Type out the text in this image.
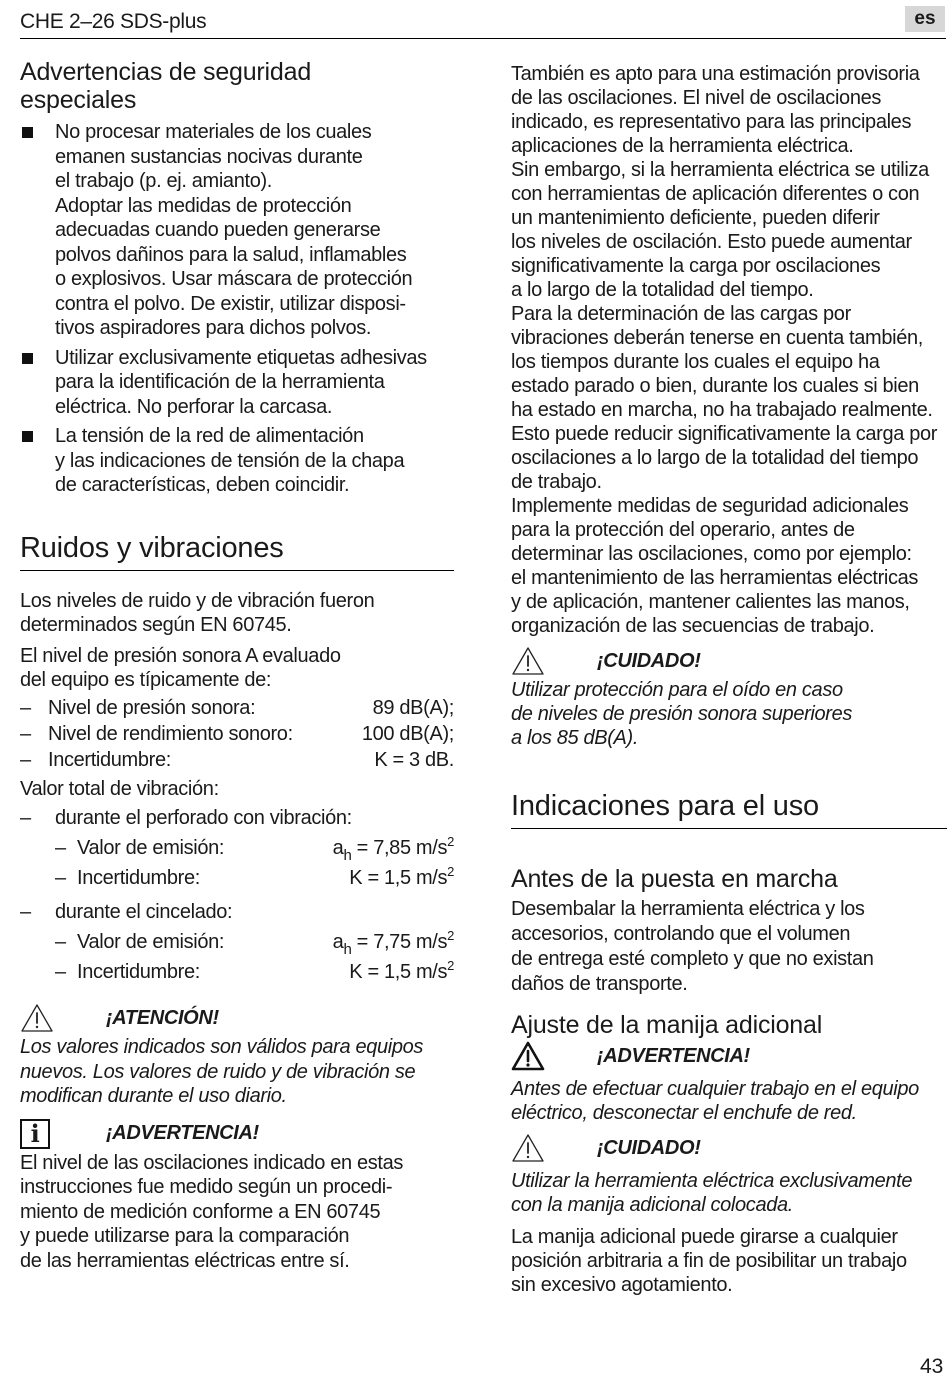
CHE 2–26 SDS-plus	es
Advertencias de seguridad
especiales
No procesar materiales de los cuales
emanen sustancias nocivas durante
el trabajo (p. ej. amianto).
Adoptar las medidas de protección
adecuadas cuando pueden generarse
polvos dañinos para la salud, inflamables
o explosivos. Usar máscara de protección
contra el polvo. De existir, utilizar disposi-
tivos aspiradores para dichos polvos.
Utilizar exclusivamente etiquetas adhesivas
para la identificación de la herramienta
eléctrica. No perforar la carcasa.
La tensión de la red de alimentación
y las indicaciones de tensión de la chapa
de características, deben coincidir.
Ruidos y vibraciones

Los niveles de ruido y de vibración fueron
determinados según EN 60745.

El nivel de presión sonora A evaluado
del equipo es típicamente de:

– Nivel de presión sonora:	89 dB(A);
– Nivel de rendimiento sonoro:	100 dB(A);
– Incertidumbre:	K = 3 dB.

Valor total de vibración:

–	durante el perforado con vibración:
– Valor de emisión:	$a_h = 7,85$ $m/s^2$
– Incertidumbre:	K = 1,5 $m/s^2$
–	durante el cincelado:
– Valor de emisión:	$a_h = 7,75$ $m/s^2$
– Incertidumbre:	K = 1,5 $m/s^2$
¡ATENCIÓN!

Los valores indicados son válidos para equipos
nuevos. Los valores de ruido y de vibración se
modifican durante el uso diario.

i	¡ADVERTENCIA!

El nivel de las oscilaciones indicado en estas
instrucciones fue medido según un procedi-
miento de medición conforme a EN 60745
y puede utilizarse para la comparación
de las herramientas eléctricas entre sí.

También es apto para una estimación provisoria
de las oscilaciones. El nivel de oscilaciones
indicado, es representativo para las principales
aplicaciones de la herramienta eléctrica.
Sin embargo, si la herramienta eléctrica se utiliza
con herramientas de aplicación diferentes o con
un mantenimiento deficiente, pueden diferir
los niveles de oscilación. Esto puede aumentar
significativamente la carga por oscilaciones
a lo largo de la totalidad del tiempo.
Para la determinación de las cargas por
vibraciones deberán tenerse en cuenta también,
los tiempos durante los cuales el equipo ha
estado parado o bien, durante los cuales si bien
ha estado en marcha, no ha trabajado realmente.
Esto puede reducir significativamente la carga por
oscilaciones a lo largo de la totalidad del tiempo
de trabajo.
Implemente medidas de seguridad adicionales
para la protección del operario, antes de
determinar las oscilaciones, como por ejemplo:
el mantenimiento de las herramientas eléctricas
y de aplicación, mantener calientes las manos,
organización de las secuencias de trabajo.

¡CUIDADO!

Utilizar protección para el oído en caso
de niveles de presión sonora superiores
a los 85 dB(A).

Indicaciones para el uso
Antes de la puesta en marcha

Desembalar la herramienta eléctrica y los
accesorios, controlando que el volumen
de entrega esté completo y que no existan
daños de transporte.

Ajuste de la manija adicional
¡ADVERTENCIA!

Antes de efectuar cualquier trabajo en el equipo
eléctrico, desconectar el enchufe de red.

¡CUIDADO!

Utilizar la herramienta eléctrica exclusivamente
con la manija adicional colocada.

La manija adicional puede girarse a cualquier
posición arbitraria a fin de posibilitar un trabajo
sin excesivo agotamiento.

43
